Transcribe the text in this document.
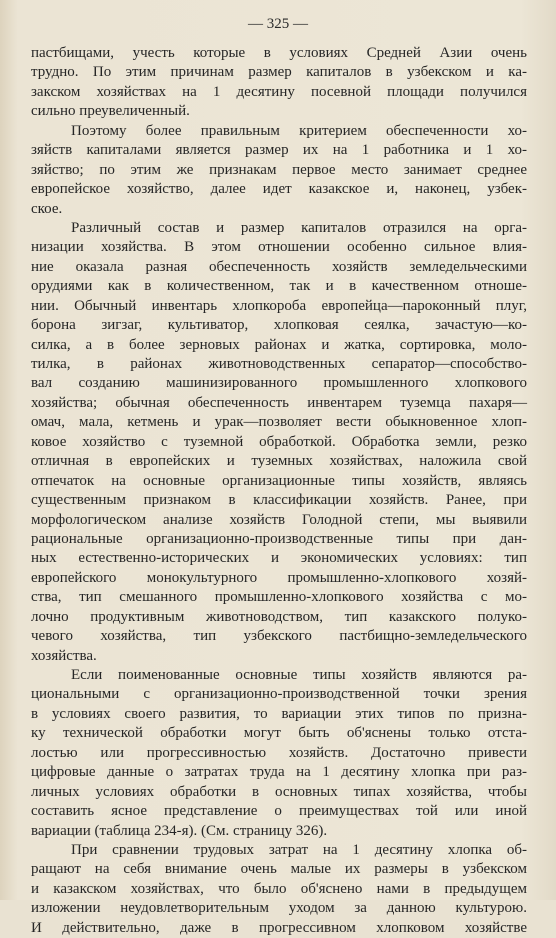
— 325 —
пастбищами, учесть которые в условиях Средней Азии очень
трудно. По этим причинам размер капиталов в узбекском и ка-
закском хозяйствах на 1 десятину посевной площади получился
сильно преувеличенный.
Поэтому более правильным критерием обеспеченности хо-
зяйств капиталами является размер их на 1 работника и 1 хо-
зяйство; по этим же признакам первое место занимает среднее
европейское хозяйство, далее идет казакское и, наконец, узбек-
ское.
Различный состав и размер капиталов отразился на орга-
низации хозяйства. В этом отношении особенно сильное влия-
ние оказала разная обеспеченность хозяйств земледельческими
орудиями как в количественном, так и в качественном отноше-
нии. Обычный инвентарь хлопкороба европейца—пароконный плуг,
борона зигзаг, культиватор, хлопковая сеялка, зачастую—ко-
силка, а в более зерновых районах и жатка, сортировка, моло-
тилка, в районах животноводственных сепаратор—способство-
вал созданию машинизированного промышленного хлопкового
хозяйства; обычная обеспеченность инвентарем туземца пахаря—
омач, мала, кетмень и урак—позволяет вести обыкновенное хлоп-
ковое хозяйство с туземной обработкой. Обработка земли, резко
отличная в европейских и туземных хозяйствах, наложила свой
отпечаток на основные организационные типы хозяйств, являясь
существенным признаком в классификации хозяйств. Ранее, при
морфологическом анализе хозяйств Голодной степи, мы выявили
рациональные организационно-производственные типы при дан-
ных естественно-исторических и экономических условиях: тип
европейского монокультурного промышленно-хлопкового хозяй-
ства, тип смешанного промышленно-хлопкового хозяйства с мо-
лочно продуктивным животноводством, тип казакского полуко-
чевого хозяйства, тип узбекского пастбищно-земледельческого
хозяйства.
Если поименованные основные типы хозяйств являются ра-
циональными с организационно-производственной точки зрения
в условиях своего развития, то вариации этих типов по призна-
ку технической обработки могут быть об'яснены только отста-
лостью или прогрессивностью хозяйств. Достаточно привести
цифровые данные о затратах труда на 1 десятину хлопка при раз-
личных условиях обработки в основных типах хозяйства, чтобы
составить ясное представление о преимуществах той или иной
вариации (таблица 234-я). (См. страницу 326).
При сравнении трудовых затрат на 1 десятину хлопка об-
ращают на себя внимание очень малые их размеры в узбекском
и казакском хозяйствах, что было об'яснено нами в предыдущем
изложении неудовлетворительным уходом за данною культурою.
И действительно, даже в прогрессивном хлопковом хозяйстве
